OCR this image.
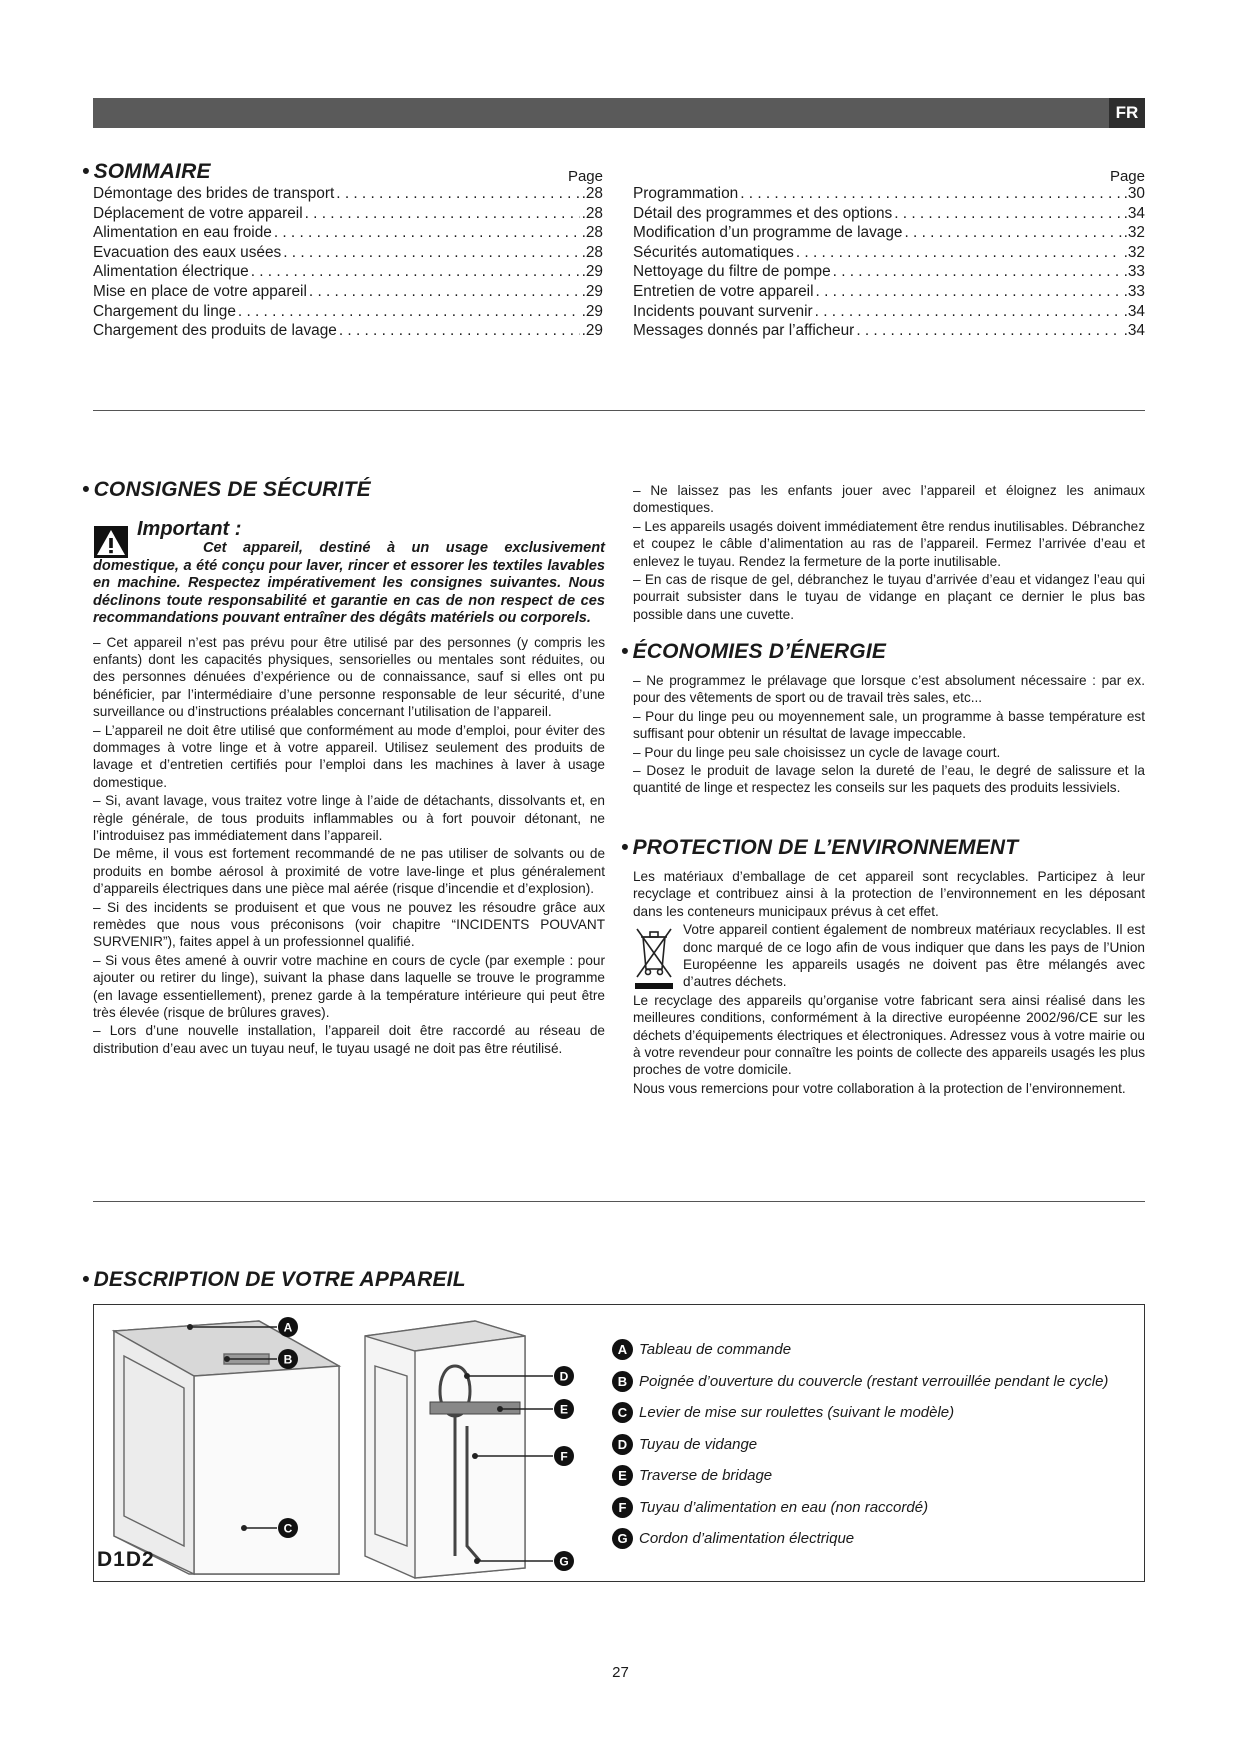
FR
• SOMMAIRE	Page
Démontage des brides de transport . . .	.28
Déplacement de votre appareil . . .	.28
Alimentation en eau froide . . .	.28
Evacuation des eaux usées . . .	.28
Alimentation électrique . . .	.29
Mise en place de votre appareil . . .	.29
Chargement du linge . . .	.29
Chargement des produits de lavage . . .	.29
Page
Programmation . . .	.30
Détail des programmes et des options . . .	.34
Modification d’un programme de lavage . . .	.32
Sécurités automatiques . . .	.32
Nettoyage du filtre de pompe . . .	.33
Entretien de votre appareil . . .	.33
Incidents pouvant survenir . . .	.34
Messages donnés par l’afficheur . . .	.34
• CONSIGNES DE SÉCURITÉ
Important :

Cet appareil, destiné à un usage exclusivement domestique, a été conçu pour laver, rincer et essorer les textiles lavables en machine. Respectez impérativement les consignes suivantes. Nous déclinons toute responsabilité et garantie en cas de non respect de ces recommandations pouvant entraîner des dégâts matériels ou corporels.

– Cet appareil n’est pas prévu pour être utilisé par des personnes (y compris les enfants) dont les capacités physiques, sensorielles ou mentales sont réduites, ou des personnes dénuées d’expérience ou de connaissance, sauf si elles ont pu bénéficier, par l’intermédiaire d’une personne responsable de leur sécurité, d’une surveillance ou d’instructions préalables concernant l’utilisation de l’appareil.

– L’appareil ne doit être utilisé que conformément au mode d’emploi, pour éviter des dommages à votre linge et à votre appareil. Utilisez seulement des produits de lavage et d’entretien certifiés pour l’emploi dans les machines à laver à usage domestique.

– Si, avant lavage, vous traitez votre linge à l’aide de détachants, dissolvants et, en règle générale, de tous produits inflammables ou à fort pouvoir détonant, ne l’introduisez pas immédiatement dans l’appareil.

De même, il vous est fortement recommandé de ne pas utiliser de solvants ou de produits en bombe aérosol à proximité de votre lave-linge et plus généralement d’appareils électriques dans une pièce mal aérée (risque d’incendie et d’explosion).

– Si des incidents se produisent et que vous ne pouvez les résoudre grâce aux remèdes que nous vous préconisons (voir chapitre “INCIDENTS POUVANT SURVENIR”), faites appel à un professionnel qualifié.

– Si vous êtes amené à ouvrir votre machine en cours de cycle (par exemple : pour ajouter ou retirer du linge), suivant la phase dans laquelle se trouve le programme (en lavage essentiellement), prenez garde à la température intérieure qui peut être très élevée (risque de brûlures graves).

– Lors d’une nouvelle installation, l’appareil doit être raccordé au réseau de distribution d’eau avec un tuyau neuf, le tuyau usagé ne doit pas être réutilisé.

– Ne laissez pas les enfants jouer avec l’appareil et éloignez les animaux domestiques.

– Les appareils usagés doivent immédiatement être rendus inutilisables. Débranchez et coupez le câble d’alimentation au ras de l’appareil. Fermez l’arrivée d’eau et enlevez le tuyau. Rendez la fermeture de la porte inutilisable.

– En cas de risque de gel, débranchez le tuyau d’arrivée d’eau et vidangez l’eau qui pourrait subsister dans le tuyau de vidange en plaçant ce dernier le plus bas possible dans une cuvette.

• ÉCONOMIES D’ÉNERGIE

– Ne programmez le prélavage que lorsque c’est absolument nécessaire : par ex. pour des vêtements de sport ou de travail très sales, etc...

– Pour du linge peu ou moyennement sale, un programme à basse température est suffisant pour obtenir un résultat de lavage impeccable.

– Pour du linge peu sale choisissez un cycle de lavage court.

– Dosez le produit de lavage selon la dureté de l’eau, le degré de salissure et la quantité de linge et respectez les conseils sur les paquets des produits lessiviels.

• PROTECTION DE L’ENVIRONNEMENT

Les matériaux d’emballage de cet appareil sont recyclables. Participez à leur recyclage et contribuez ainsi à la protection de l’environnement en les déposant dans les conteneurs municipaux prévus à cet effet.

Votre appareil contient également de nombreux matériaux recyclables. Il est donc marqué de ce logo afin de vous indiquer que dans les pays de l’Union Européenne les appareils usagés ne doivent pas être mélangés avec d’autres déchets.

Le recyclage des appareils qu’organise votre fabricant sera ainsi réalisé dans les meilleures conditions, conformément à la directive européenne 2002/96/CE sur les déchets d’équipements électriques et électroniques. Adressez vous à votre mairie ou à votre revendeur pour connaître les points de collecte des appareils usagés les plus proches de votre domicile.

Nous vous remercions pour votre collaboration à la protection de l’environnement.

• DESCRIPTION DE VOTRE APPAREIL
A
B
C
D1D2
D
E
F
G
A Tableau de commande
B Poignée d’ouverture du couvercle (restant verrouillée pendant le cycle)
C Levier de mise sur roulettes (suivant le modèle)
D Tuyau de vidange
E Traverse de bridage
F Tuyau d’alimentation en eau (non raccordé)
G Cordon d’alimentation électrique
27
